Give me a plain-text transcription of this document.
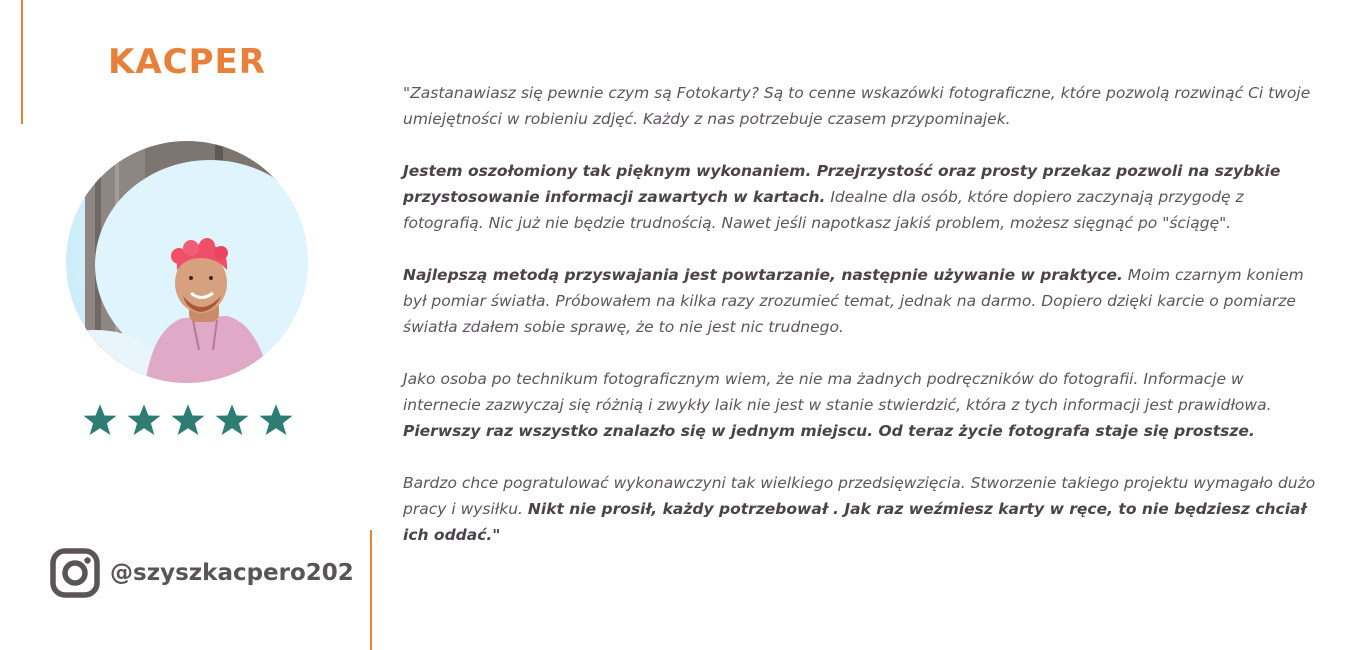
KACPER
@szyszkacpero202

"Zastanawiasz się pewnie czym są Fotokarty? Są to cenne wskazówki fotograficzne, które pozwolą rozwinąć Ci twoje umiejętności w robieniu zdjęć. Każdy z nas potrzebuje czasem przypominajek.

Jestem oszołomiony tak pięknym wykonaniem. Przejrzystość oraz prosty przekaz pozwoli na szybkie przystosowanie informacji zawartych w kartach. Idealne dla osób, które dopiero zaczynają przygodę z fotografią. Nic już nie będzie trudnością. Nawet jeśli napotkasz jakiś problem, możesz sięgnąć po "ściągę".

Najlepszą metodą przyswajania jest powtarzanie, następnie używanie w praktyce. Moim czarnym koniem był pomiar światła. Próbowałem na kilka razy zrozumieć temat, jednak na darmo. Dopiero dzięki karcie o pomiarze światła zdałem sobie sprawę, że to nie jest nic trudnego.

Jako osoba po technikum fotograficznym wiem, że nie ma żadnych podręczników do fotografii. Informacje w internecie zazwyczaj się różnią i zwykły laik nie jest w stanie stwierdzić, która z tych informacji jest prawidłowa. Pierwszy raz wszystko znalazło się w jednym miejscu. Od teraz życie fotografa staje się prostsze.

Bardzo chce pogratulować wykonawczyni tak wielkiego przedsięwzięcia. Stworzenie takiego projektu wymagało dużo pracy i wysiłku. Nikt nie prosił, każdy potrzebował . Jak raz weźmiesz karty w ręce, to nie będziesz chciał ich oddać."
